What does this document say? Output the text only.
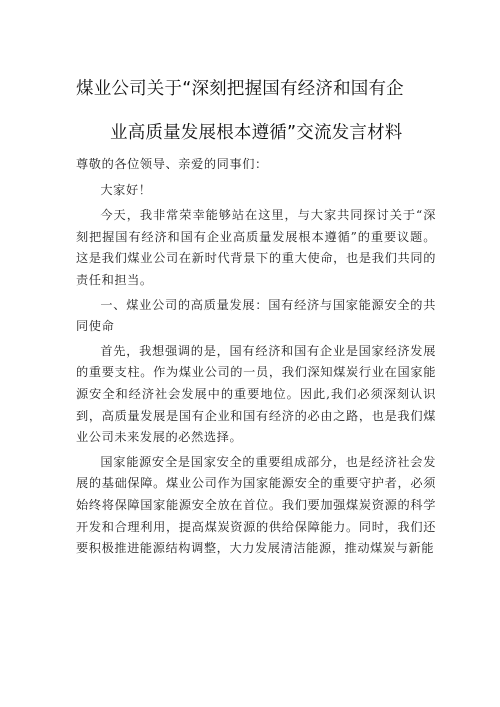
煤业公司关于“深刻把握国有经济和国有企
业高质量发展根本遵循”交流发言材料

尊敬的各位领导、亲爱的同事们：

大家好！

今天，我非常荣幸能够站在这里，与大家共同探讨关于“深刻把握国有经济和国有企业高质量发展根本遵循”的重要议题。这是我们煤业公司在新时代背景下的重大使命，也是我们共同的责任和担当。

一、煤业公司的高质量发展：国有经济与国家能源安全的共同使命

首先，我想强调的是，国有经济和国有企业是国家经济发展的重要支柱。作为煤业公司的一员，我们深知煤炭行业在国家能源安全和经济社会发展中的重要地位。因此,我们必须深刻认识到，高质量发展是国有企业和国有经济的必由之路，也是我们煤业公司未来发展的必然选择。

国家能源安全是国家安全的重要组成部分，也是经济社会发展的基础保障。煤业公司作为国家能源安全的重要守护者，必须始终将保障国家能源安全放在首位。我们要加强煤炭资源的科学开发和合理利用，提高煤炭资源的供给保障能力。同时，我们还要积极推进能源结构调整，大力发展清洁能源，推动煤炭与新能
